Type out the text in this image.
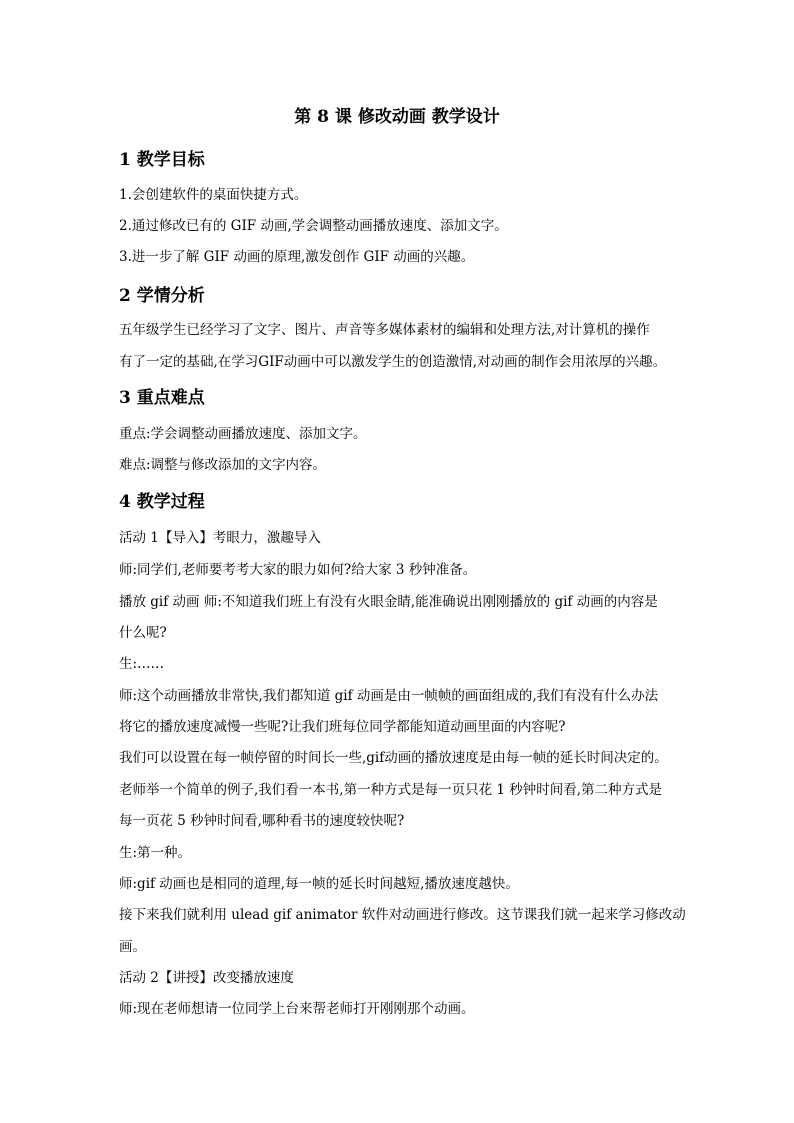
第 8 课 修改动画 教学设计
1 教学目标
1.会创建软件的桌面快捷方式。
2.通过修改已有的 GIF 动画,学会调整动画播放速度、添加文字。
3.进一步了解 GIF 动画的原理,激发创作 GIF 动画的兴趣。
2 学情分析
五年级学生已经学习了文字、图片、声音等多媒体素材的编辑和处理方法,对计算机的操作
有了一定的基础,在学习GIF动画中可以激发学生的创造激情,对动画的制作会用浓厚的兴趣。
3 重点难点
重点:学会调整动画播放速度、添加文字。
难点:调整与修改添加的文字内容。
4 教学过程
活动 1【导入】考眼力，激趣导入
师:同学们,老师要考考大家的眼力如何?给大家 3 秒钟准备。
播放 gif 动画 师:不知道我们班上有没有火眼金睛,能准确说出刚刚播放的 gif 动画的内容是
什么呢?
生:……
师:这个动画播放非常快,我们都知道 gif 动画是由一帧帧的画面组成的,我们有没有什么办法
将它的播放速度减慢一些呢?让我们班每位同学都能知道动画里面的内容呢?
我们可以设置在每一帧停留的时间长一些,gif动画的播放速度是由每一帧的延长时间决定的。
老师举一个简单的例子,我们看一本书,第一种方式是每一页只花 1 秒钟时间看,第二种方式是
每一页花 5 秒钟时间看,哪种看书的速度较快呢?
生:第一种。
师:gif 动画也是相同的道理,每一帧的延长时间越短,播放速度越快。
接下来我们就利用 ulead gif animator 软件对动画进行修改。这节课我们就一起来学习修改动
画。
活动 2【讲授】改变播放速度
师:现在老师想请一位同学上台来帮老师打开刚刚那个动画。
